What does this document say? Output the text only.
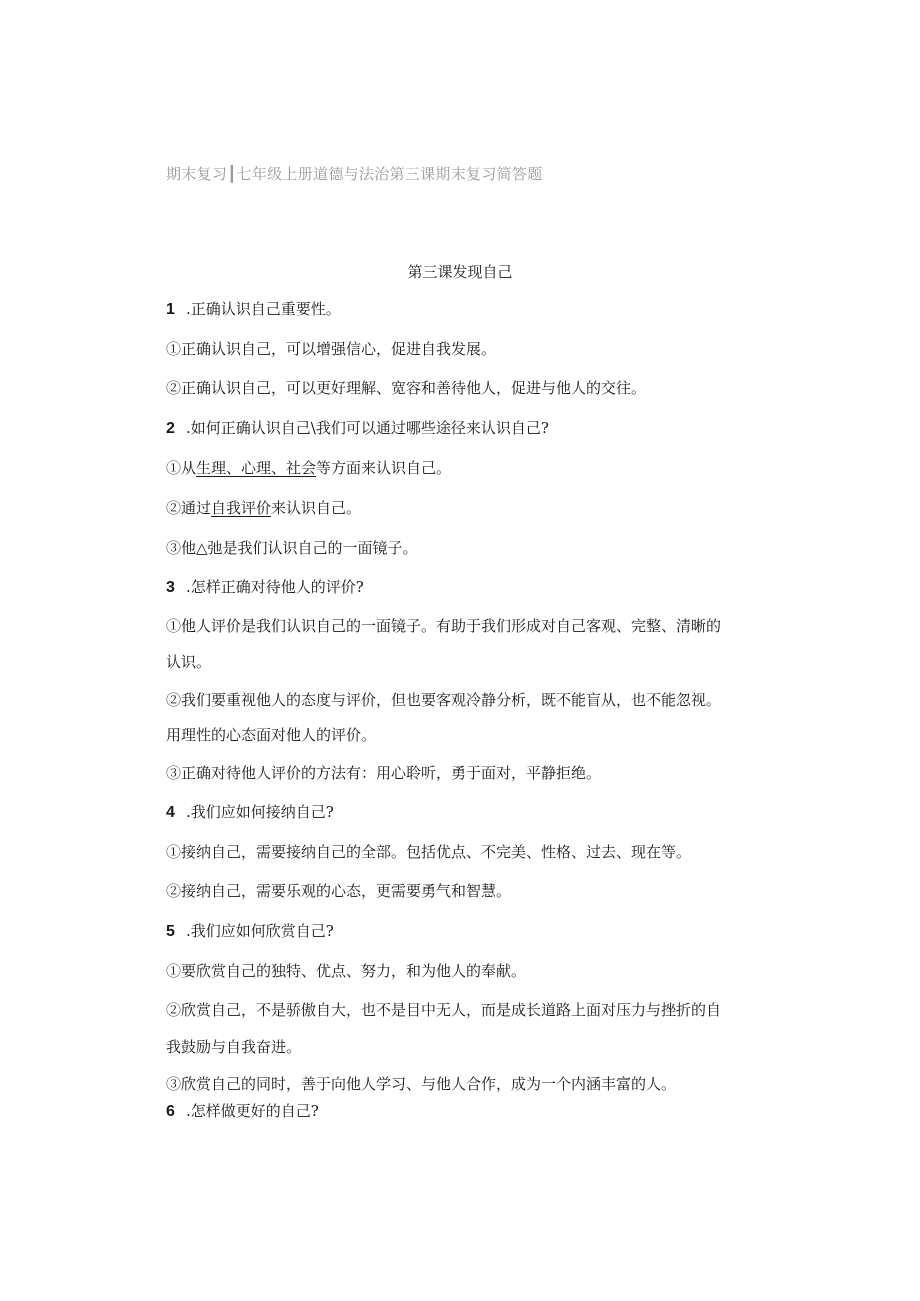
期末复习┃七年级上册道德与法治第三课期末复习简答题
第三课发现自己
1 .正确认识自己重要性。
①正确认识自己，可以增强信心，促进自我发展。
②正确认识自己，可以更好理解、宽容和善待他人，促进与他人的交往。
2 .如何正确认识自己\我们可以通过哪些途径来认识自己?
①从生理、心理、社会等方面来认识自己。
②通过自我评价来认识自己。
③他△弛是我们认识自己的一面镜子。
3 .怎样正确对待他人的评价?
①他人评价是我们认识自己的一面镜子。有助于我们形成对自己客观、完整、清晰的
认识。
②我们要重视他人的态度与评价，但也要客观冷静分析，既不能盲从，也不能忽视。
用理性的心态面对他人的评价。
③正确对待他人评价的方法有：用心聆听，勇于面对，平静拒绝。
4 .我们应如何接纳自己?
①接纳自己，需要接纳自己的全部。包括优点、不完美、性格、过去、现在等。
②接纳自己，需要乐观的心态，更需要勇气和智慧。
5 .我们应如何欣赏自己?
①要欣赏自己的独特、优点、努力，和为他人的奉献。
②欣赏自己，不是骄傲自大，也不是目中无人，而是成长道路上面对压力与挫折的自
我鼓励与自我奋进。
③欣赏自己的同时，善于向他人学习、与他人合作，成为一个内涵丰富的人。
6 .怎样做更好的自己?
